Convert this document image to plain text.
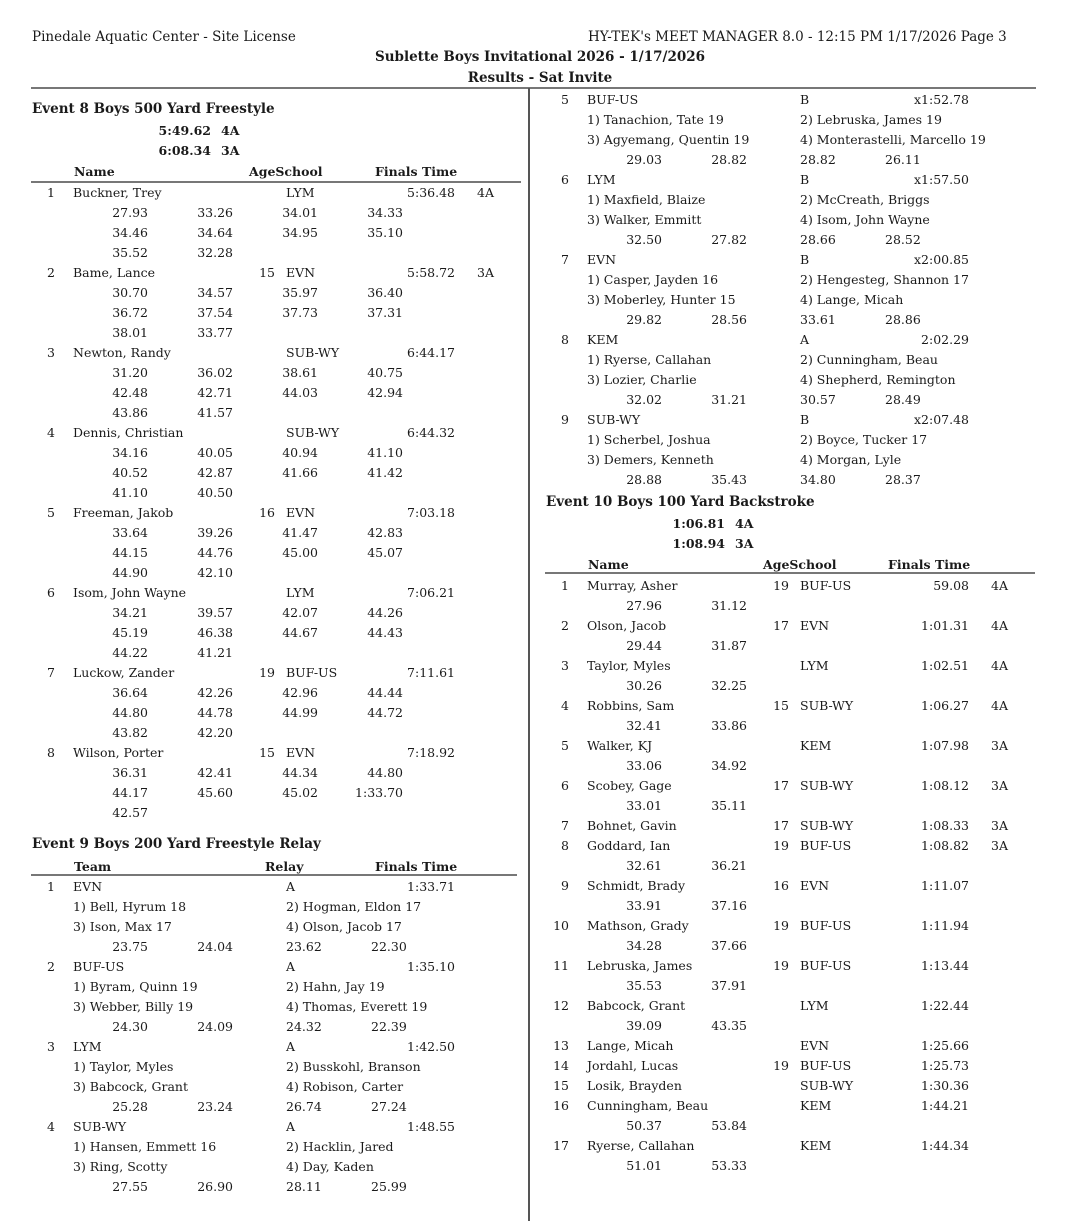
Pinedale Aquatic Center - Site License	HY-TEK's MEET MANAGER 8.0 - 12:15 PM 1/17/2026 Page 3
Sublette Boys Invitational 2026 - 1/17/2026
Results - Sat Invite
Event 8 Boys 500 Yard Freestyle
5:49.62 4A
6:08.34 3A
Name	AgeSchool	Finals Time
1 Buckner, Trey	LYM	5:36.48 4A
27.93	33.26	34.01	34.33
34.46	34.64	34.95	35.10
35.52	32.28
2 Bame, Lance	15 EVN	5:58.72 3A
30.70	34.57	35.97	36.40
36.72	37.54	37.73	37.31
38.01	33.77
3 Newton, Randy	SUB-WY	6:44.17
31.20	36.02	38.61	40.75
42.48	42.71	44.03	42.94
43.86	41.57
4 Dennis, Christian	SUB-WY	6:44.32
34.16	40.05	40.94	41.10
40.52	42.87	41.66	41.42
41.10	40.50
5 Freeman, Jakob	16 EVN	7:03.18
33.64	39.26	41.47	42.83
44.15	44.76	45.00	45.07
44.90	42.10
6 Isom, John Wayne	LYM	7:06.21
34.21	39.57	42.07	44.26
45.19	46.38	44.67	44.43
44.22	41.21
7 Luckow, Zander	19 BUF-US	7:11.61
36.64	42.26	42.96	44.44
44.80	44.78	44.99	44.72
43.82	42.20
8 Wilson, Porter	15 EVN	7:18.92
36.31	42.41	44.34	44.80
44.17	45.60	45.02	1:33.70
42.57
Event 9 Boys 200 Yard Freestyle Relay
Team	Relay	Finals Time
1 EVN	A	1:33.71
1) Bell, Hyrum 18	2) Hogman, Eldon 17
3) Ison, Max 17	4) Olson, Jacob 17
23.75	24.04	23.62	22.30
2 BUF-US	A	1:35.10
1) Byram, Quinn 19	2) Hahn, Jay 19
3) Webber, Billy 19	4) Thomas, Everett 19
24.30	24.09	24.32	22.39
3 LYM	A	1:42.50
1) Taylor, Myles	2) Busskohl, Branson
3) Babcock, Grant	4) Robison, Carter
25.28	23.24	26.74	27.24
4 SUB-WY	A	1:48.55
1) Hansen, Emmett 16	2) Hacklin, Jared
3) Ring, Scotty	4) Day, Kaden
27.55	26.90	28.11	25.99
5 BUF-US	B	x1:52.78
1) Tanachion, Tate 19	2) Lebruska, James 19
3) Agyemang, Quentin 19	4) Monterastelli, Marcello 19
29.03	28.82	28.82	26.11
6 LYM	B	x1:57.50
1) Maxfield, Blaize	2) McCreath, Briggs
3) Walker, Emmitt	4) Isom, John Wayne
32.50	27.82	28.66	28.52
7 EVN	B	x2:00.85
1) Casper, Jayden 16	2) Hengesteg, Shannon 17
3) Moberley, Hunter 15	4) Lange, Micah
29.82	28.56	33.61	28.86
8 KEM	A	2:02.29
1) Ryerse, Callahan	2) Cunningham, Beau
3) Lozier, Charlie	4) Shepherd, Remington
32.02	31.21	30.57	28.49
9 SUB-WY	B	x2:07.48
1) Scherbel, Joshua	2) Boyce, Tucker 17
3) Demers, Kenneth	4) Morgan, Lyle
28.88	35.43	34.80	28.37
Event 10 Boys 100 Yard Backstroke
1:06.81 4A
1:08.94 3A
Name	AgeSchool	Finals Time
1 Murray, Asher	19 BUF-US	59.08 4A
27.96	31.12
2 Olson, Jacob	17 EVN	1:01.31 4A
29.44	31.87
3 Taylor, Myles	LYM	1:02.51 4A
30.26	32.25
4 Robbins, Sam	15 SUB-WY	1:06.27 4A
32.41	33.86
5 Walker, KJ	KEM	1:07.98 3A
33.06	34.92
6 Scobey, Gage	17 SUB-WY	1:08.12 3A
33.01	35.11
7 Bohnet, Gavin	17 SUB-WY	1:08.33 3A
8 Goddard, Ian	19 BUF-US	1:08.82 3A
32.61	36.21
9 Schmidt, Brady	16 EVN	1:11.07
33.91	37.16
10 Mathson, Grady	19 BUF-US	1:11.94
34.28	37.66
11 Lebruska, James	19 BUF-US	1:13.44
35.53	37.91
12 Babcock, Grant	LYM	1:22.44
39.09	43.35
13 Lange, Micah	EVN	1:25.66
14 Jordahl, Lucas	19 BUF-US	1:25.73
15 Losik, Brayden	SUB-WY	1:30.36
16 Cunningham, Beau	KEM	1:44.21
50.37	53.84
17 Ryerse, Callahan	KEM	1:44.34
51.01	53.33
